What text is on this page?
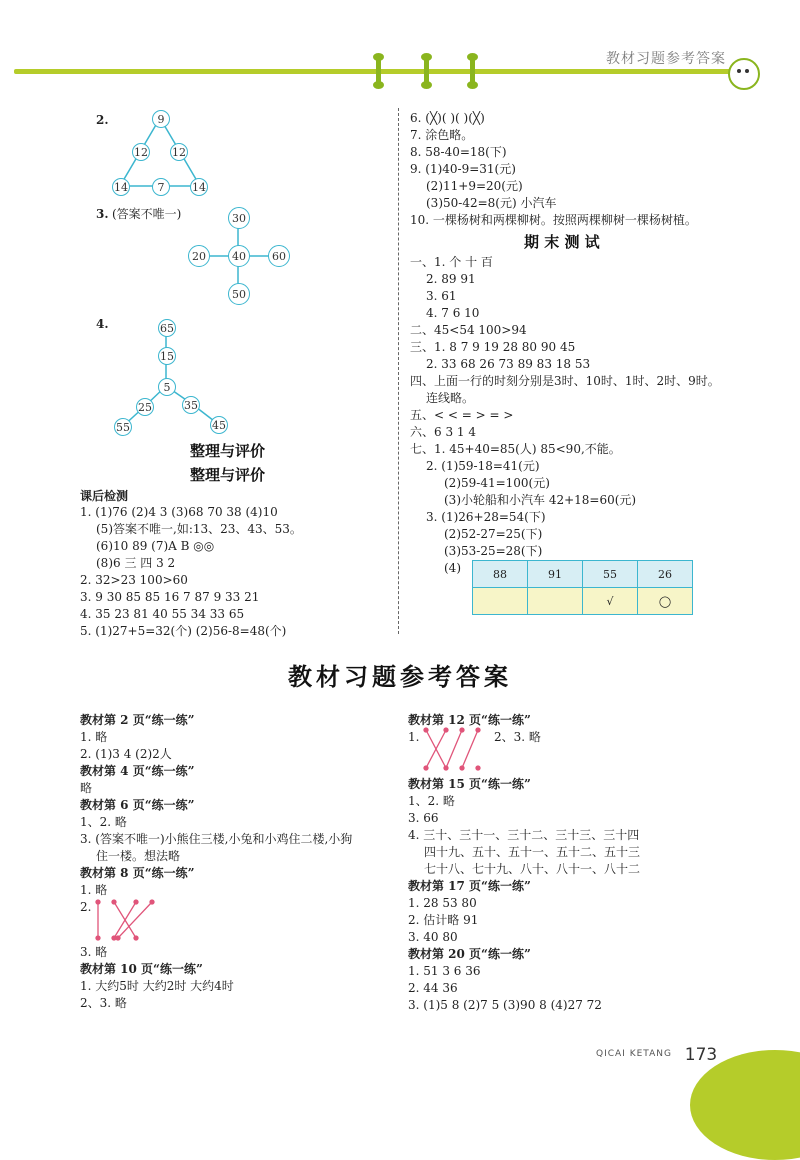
教材习题参考答案
2.	9
12 12
14	7	14
3. (答案不唯一)	30
20	40	60
50
4.	65
15
5
25	35
55	45
整理与评价
整理与评价
课后检测
1. (1)76 (2)4 3 (3)68 70 38 (4)10
(5)答案不唯一,如:13、23、43、53。
(6)10 89 (7)A B ◎◎
(8)6 三 四 3 2
2. 32>23 100>60
3. 9 30 85 85 16 7 87 9 33 21
4. 35 23 81 40 55 34 33 65
5. (1)27+5=32(个) (2)56-8=48(个)
6. (╳)( )( )(╳)
7. 涂色略。
8. 58-40=18(下)
9. (1)40-9=31(元)
(2)11+9=20(元)
(3)50-42=8(元) 小汽车
10. 一棵杨树和两棵柳树。按照两棵柳树一棵杨树植。
期 末 测 试
一、1. 个 十 百
2. 89 91
3. 61
4. 7 6 10
二、45<54 100>94
三、1. 8 7 9 19 28 80 90 45
2. 33 68 26 73 89 83 18 53
四、上面一行的时刻分别是3时、10时、1时、2时、9时。
连线略。
五、< < = > = >
六、6 3 1 4
七、1. 45+40=85(人) 85<90,不能。
2. (1)59-18=41(元)
(2)59-41=100(元)
(3)小轮船和小汽车 42+18=60(元)
3. (1)26+28=54(下)
(2)52-27=25(下)
(3)53-25=28(下)
(4)	88	91	55	26
		√	◯
教材习题参考答案
教材第 2 页“练一练”
1. 略
2. (1)3 4 (2)2人
教材第 4 页“练一练”
略
教材第 6 页“练一练”
1、2. 略
3. (答案不唯一)小熊住三楼,小兔和小鸡住二楼,小狗
住一楼。想法略
教材第 8 页“练一练”
1. 略
2.
3. 略
教材第 10 页“练一练”
1. 大约5时 大约2时 大约4时
2、3. 略
教材第 12 页“练一练”
1.	2、3. 略
教材第 15 页“练一练”
1、2. 略
3. 66
4. 三十、三十一、三十二、三十三、三十四
四十九、五十、五十一、五十二、五十三
七十八、七十九、八十、八十一、八十二
教材第 17 页“练一练”
1. 28 53 80
2. 估计略 91
3. 40 80
教材第 20 页“练一练”
1. 51 3 6 36
2. 44 36
3. (1)5 8 (2)7 5 (3)90 8 (4)27 72
QICAI KETANG 173
